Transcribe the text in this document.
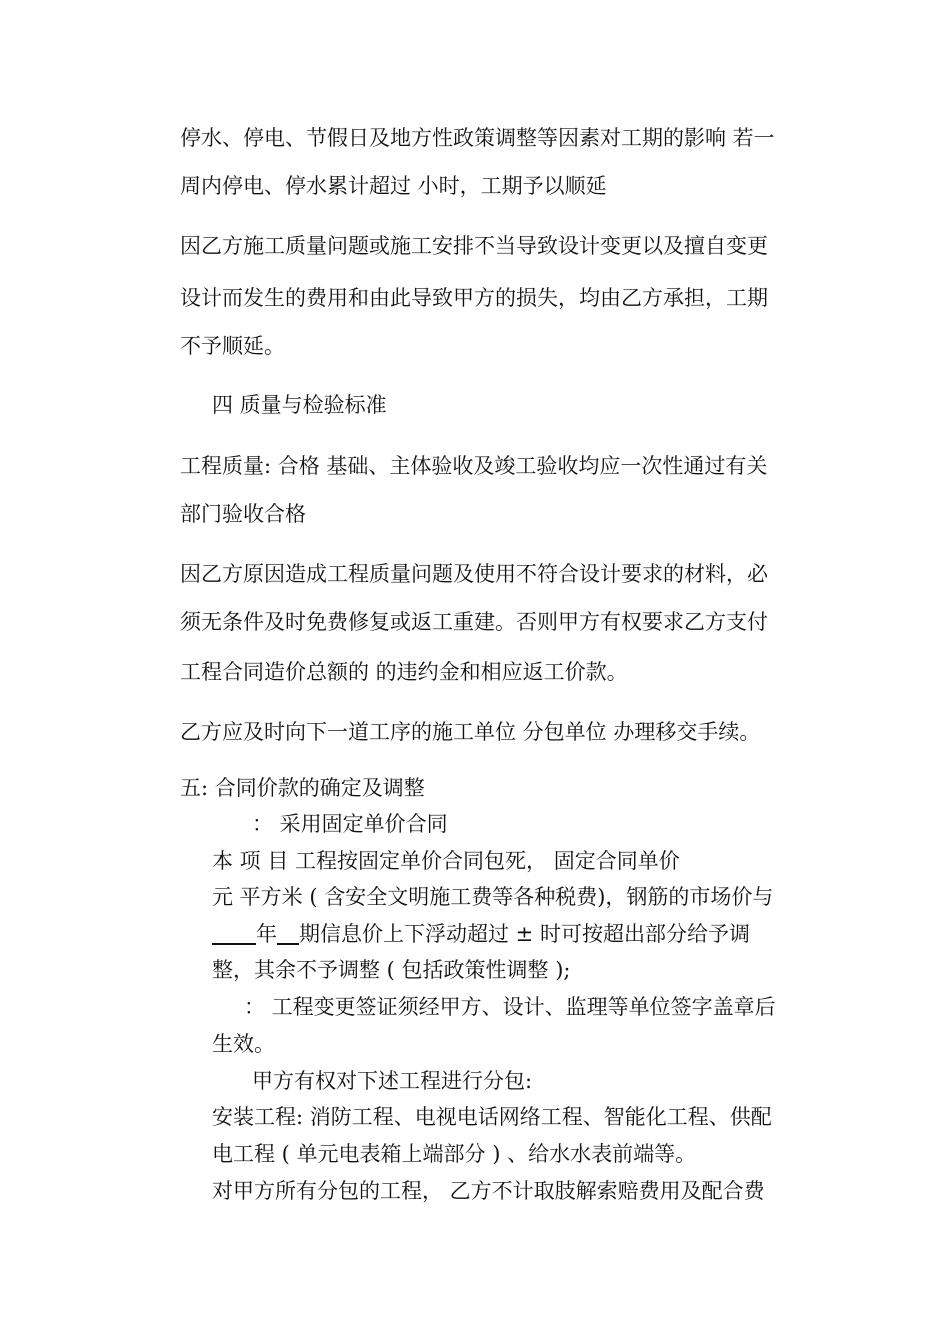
停水、停电、节假日及地方性政策调整等因素对工期的影响 若一
周内停电、停水累计超过 小时，工期予以顺延
因乙方施工质量问题或施工安排不当导致设计变更以及擅自变更
设计而发生的费用和由此导致甲方的损失，均由乙方承担，工期
不予顺延。
四 质量与检验标准
工程质量: 合格 基础、主体验收及竣工验收均应一次性通过有关
部门验收合格
因乙方原因造成工程质量问题及使用不符合设计要求的材料，必
须无条件及时免费修复或返工重建。否则甲方有权要求乙方支付
工程合同造价总额的 的违约金和相应返工价款。
乙方应及时向下一道工序的施工单位 分包单位 办理移交手续。
五: 合同价款的确定及调整
： 采用固定单价合同
本 项 目 工程按固定单价合同包死， 固定合同单价
元 平方米 ( 含安全文明施工费等各种税费)，钢筋的市场价与
年 期信息价上下浮动超过 ± 时可按超出部分给予调
整，其余不予调整 ( 包括政策性调整 );
： 工程变更签证须经甲方、设计、监理等单位签字盖章后
生效。
甲方有权对下述工程进行分包:
安装工程: 消防工程、电视电话网络工程、智能化工程、供配
电工程 ( 单元电表箱上端部分 ) 、给水水表前端等。
对甲方所有分包的工程， 乙方不计取肢解索赔费用及配合费
